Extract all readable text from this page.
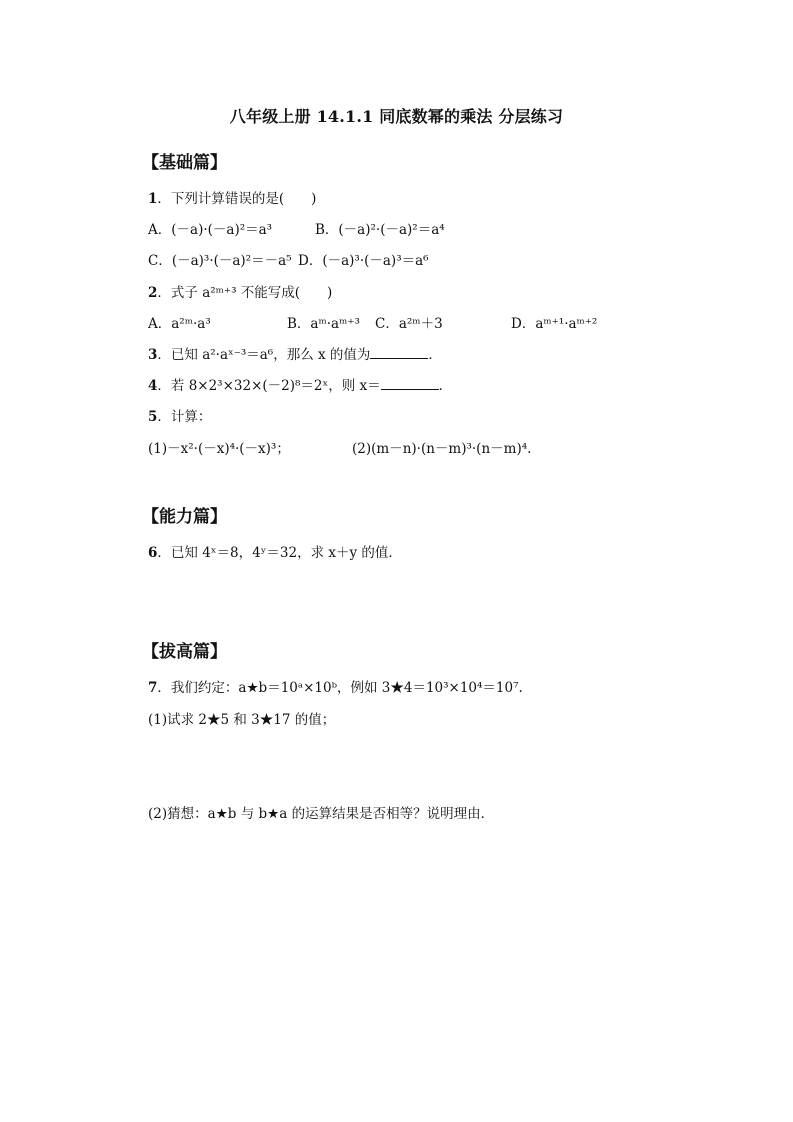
八年级上册 14.1.1 同底数幂的乘法 分层练习
【基础篇】
1．下列计算错误的是(　　)
A．(－a)·(－a)²＝a³	B．(－a)²·(－a)²＝a⁴
C．(－a)³·(－a)²＝－a⁵ D．(－a)³·(－a)³＝a⁶
2．式子 a²ᵐ⁺³ 不能写成(　　)
A．a²ᵐ·a³	B．aᵐ·aᵐ⁺³ C．a²ᵐ＋3	D．aᵐ⁺¹·aᵐ⁺²
3．已知 a²·aˣ⁻³＝a⁶，那么 x 的值为	．
4．若 8×2³×32×(－2)⁸＝2ˣ，则 x＝	．
5．计算：
(1)－x²·(－x)⁴·(－x)³；	(2)(m－n)·(n－m)³·(n－m)⁴.
【能力篇】
6．已知 4ˣ＝8，4ʸ＝32，求 x＋y 的值．
【拔高篇】
7．我们约定：a★b＝10ᵃ×10ᵇ，例如 3★4＝10³×10⁴＝10⁷.
(1)试求 2★5 和 3★17 的值；
(2)猜想：a★b 与 b★a 的运算结果是否相等？说明理由．
